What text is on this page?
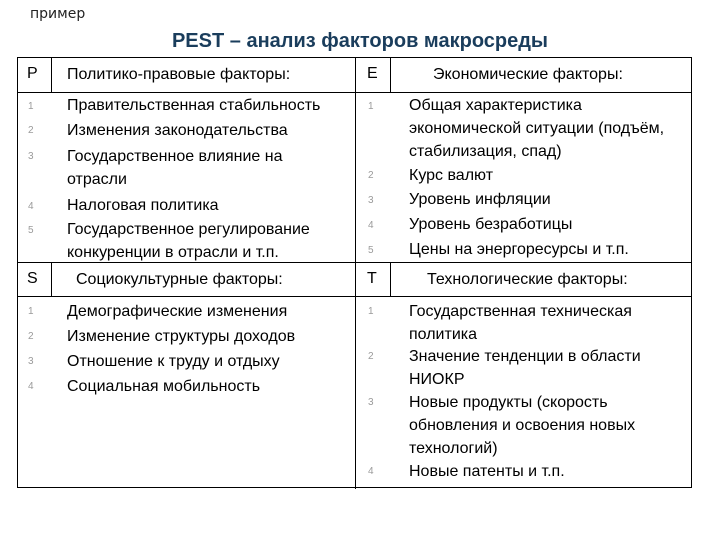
пример
PEST – анализ факторов макросреды
P Политико-правовые факторы:
1
2
3
4
5
Правительственная стабильность
Изменения законодательства
Государственное влияние на отрасли
Налоговая политика
Государственное регулирование конкуренции в отрасли и т.п.
E	Экономические факторы:
1
2
3
4
5
Общая характеристика экономической ситуации (подъём, стабилизация, спад)
Курс валют
Уровень инфляции
Уровень безработицы
Цены на энергоресурсы и т.п.
S Социокультурные факторы:
1
2
3
4
Демографические изменения
Изменение структуры доходов
Отношение к труду и отдыху
Социальная мобильность
T	Технологические факторы:
1
2
3
4
Государственная техническая политика
Значение тенденции в области НИОКР
Новые продукты (скорость обновления и освоения новых технологий)
Новые патенты и т.п.
